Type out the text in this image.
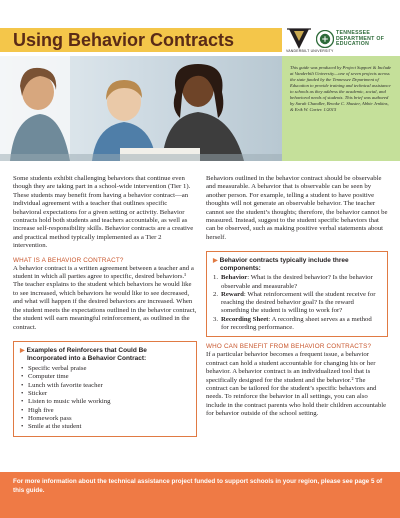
Using Behavior Contracts
VANDERBILT UNIVERSITY
TENNESSEE
DEPARTMENT OF
EDUCATION

This guide was produced by Project Support & Include at Vanderbilt University—one of seven projects across the state funded by the Tennessee Department of Education to provide training and technical assistance to schools as they address the academic, social, and behavioral needs of students. This brief was authored by Sarah Chandler, Brooke C. Shuster, Abbie Jenkins, & Erik W. Carter. 1/2015

Some students exhibit challenging behaviors that continue even though they are taking part in a school-wide intervention (Tier 1). These students may benefit from having a behavior contract—an individual agreement with a teacher that outlines specific behavioral expectations for a given setting or activity. Behavior contracts hold both students and teachers accountable, as well as increase self-responsibility skills. Behavior contracts are a creative and practical method typically implemented as a Tier 2 intervention.

WHAT IS A BEHAVIOR CONTRACT?

A behavior contract is a written agreement between a teacher and a student in which all parties agree to specific, desired behaviors.¹ The teacher explains to the student which behaviors he would like to see increased, which behaviors he would like to see decreased, and what will happen if the desired behaviors are increased. When the student meets the expectations outlined in the behavior contract, the student will earn meaningful reinforcement, as outlined in the contract.

▶ Examples of Reinforcers that Could Be
Incorporated into a Behavior Contract:
• Specific verbal praise
• Computer time
• Lunch with favorite teacher
• Sticker
• Listen to music while working
• High five
• Homework pass
• Smile at the student

Behaviors outlined in the behavior contract should be observable and measurable. A behavior that is observable can be seen by another person. For example, telling a student to have positive thoughts will not generate an observable behavior. The teacher cannot see the student’s thoughts; therefore, the behavior cannot be measured. Instead, suggest to the student specific behaviors that can be observed, such as making positive verbal statements about herself.

▶ Behavior contracts typically include three
components:
1. Behavior: What is the desired behavior? Is the behavior observable and measurable?
2. Reward: What reinforcement will the student receive for reaching the desired behavior goal? Is the reward something the student is willing to work for?
3. Recording Sheet: A recording sheet serves as a method for recording performance.
WHO CAN BENEFIT FROM BEHAVIOR CONTRACTS?

If a particular behavior becomes a frequent issue, a behavior contract can hold a student accountable for changing his or her behavior. A behavior contract is an individualized tool that is specifically designed for the student and the behavior.² The contract can be tailored for the student’s specific behaviors and needs. To reinforce the behavior in all settings, you can also include in the contract parents who hold their children accountable for behavior outside of the school setting.

For more information about the technical assistance project funded to support schools in your region, please see page 5 of this guide.
